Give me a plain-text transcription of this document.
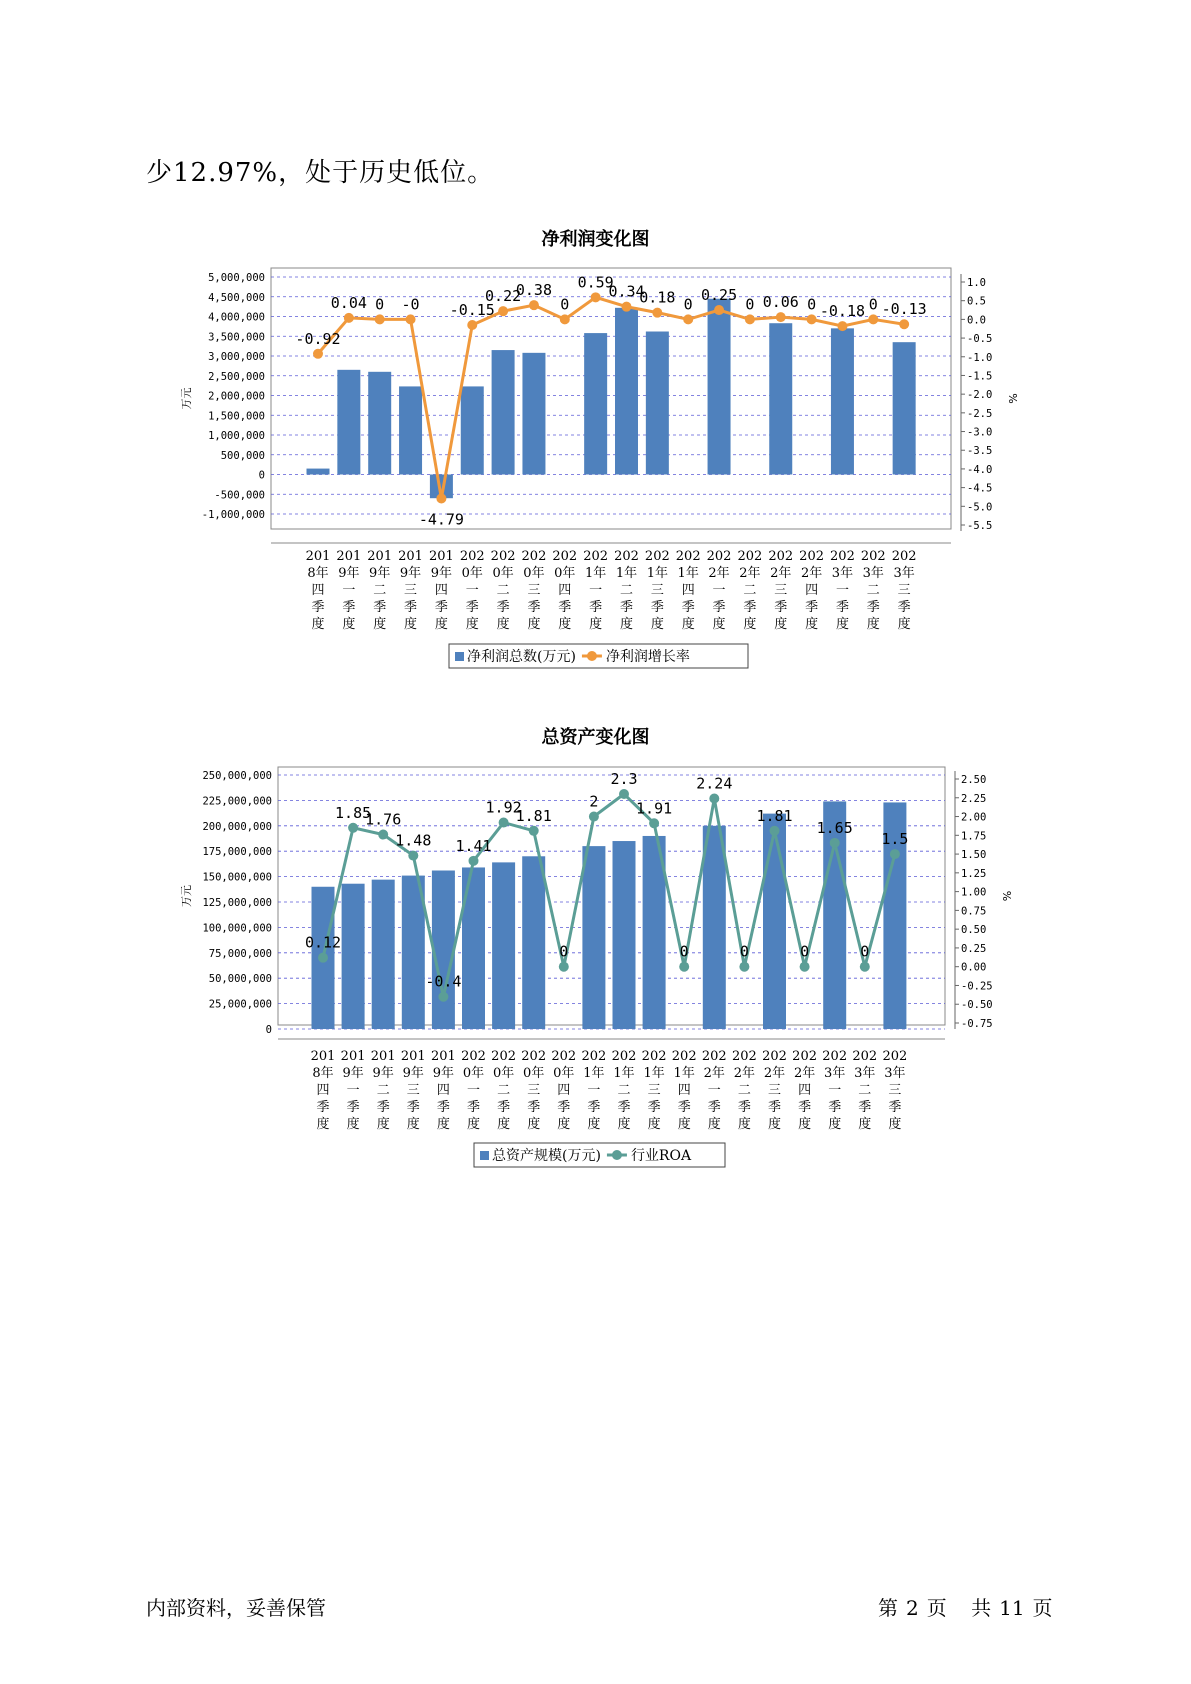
少12.97%，处于历史低位。
净利润变化图
5,000,000
4,500,000
4,000,000
3,500,000
3,000,000
2,500,000
2,000,000
1,500,000
1,000,000
500,000
0
-500,000
-1,000,000
1.0
0.5
0.0
-0.5
-1.0
-1.5
-2.0
-2.5
-3.0
-3.5
-4.0
-4.5
-5.0
-5.5
万元	%
-0.92
0.04 0 -0
-4.79
-0.15
0.22
0.38
0
0.59
0.34
0.18 0
0.25
0 0.06 0 -0.18 0 -0.13
201
8年
四
季
度
201
9年
一
季
度
201
9年
二
季
度
201
9年
三
季
度
201
9年
四
季
度
202
0年
一
季
度
202
0年
二
季
度
202
0年
三
季
度
202
0年
四
季
度
202
1年
一
季
度
202
1年
二
季
度
202
1年
三
季
度
202
1年
四
季
度
202
2年
一
季
度
202
2年
二
季
度
202
2年
三
季
度
202
2年
四
季
度
202
3年
一
季
度
202
3年
二
季
度
202
3年
三
季
度
净利润总数(万元) 净利润增长率
总资产变化图
250,000,000
225,000,000
200,000,000
175,000,000
150,000,000
125,000,000
100,000,000
75,000,000
50,000,000
25,000,000
0
2.50
2.25
2.00
1.75
1.50
1.25
1.00
0.75
0.50
0.25
0.00
-0.25
-0.50
-0.75
万元	%
0.12
1.85
1.76
1.48
-0.4
1.41
1.92
1.81
0
2
2.3
1.91
0
2.24
0
1.81
0
1.65
0
1.5
201
8年
四
季
度
201
9年
一
季
度
201
9年
二
季
度
201
9年
三
季
度
201
9年
四
季
度
202
0年
一
季
度
202
0年
二
季
度
202
0年
三
季
度
202
0年
四
季
度
202
1年
一
季
度
202
1年
二
季
度
202
1年
三
季
度
202
1年
四
季
度
202
2年
一
季
度
202
2年
二
季
度
202
2年
三
季
度
202
2年
四
季
度
202
3年
一
季
度
202
3年
二
季
度
202
3年
三
季
度
总资产规模(万元) 行业ROA
内部资料，妥善保管	第 2 页 共 11 页
